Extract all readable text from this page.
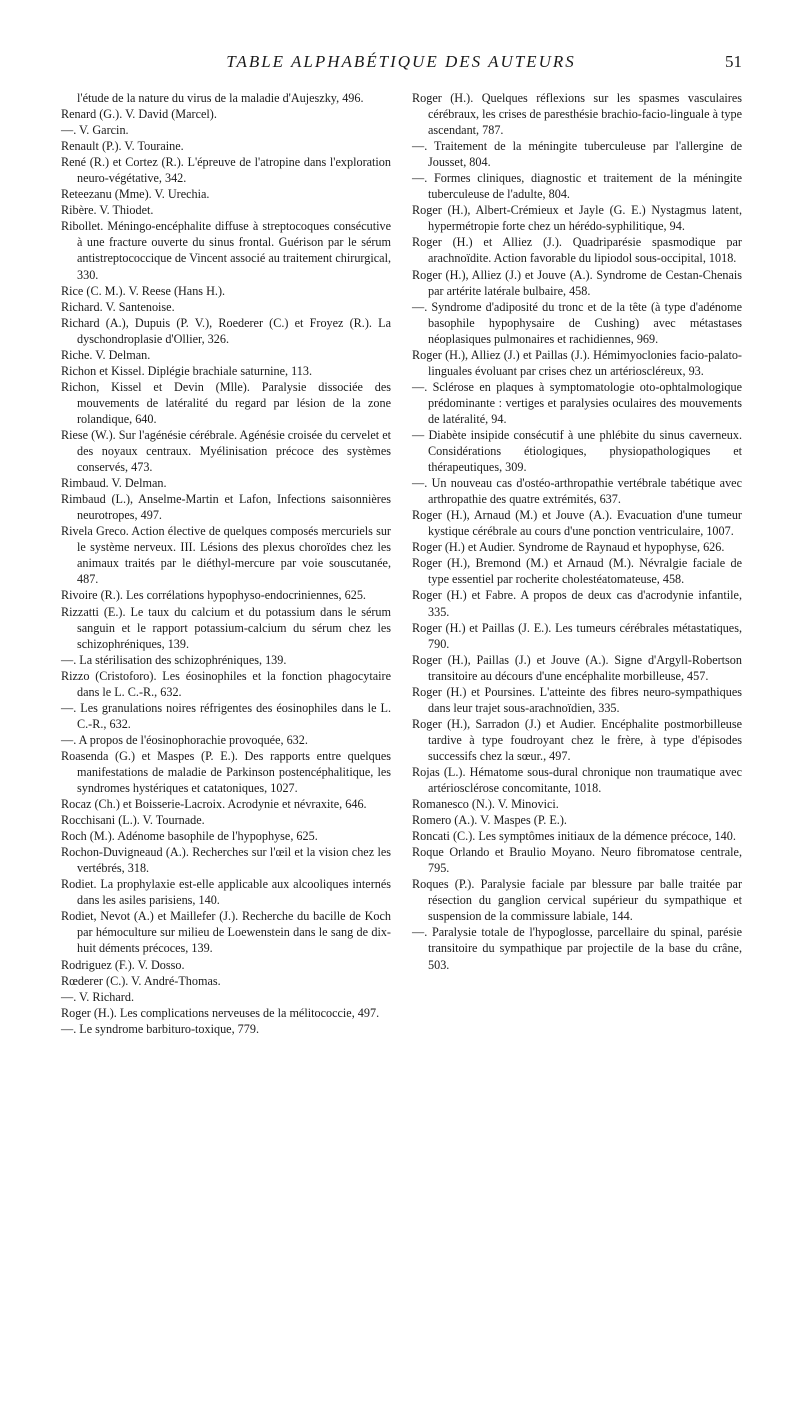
TABLE ALPHABÉTIQUE DES AUTEURS	51

l'étude de la nature du virus de la maladie d'Aujeszky, 496.

Renard (G.). V. David (Marcel).

—. V. Garcin.

Renault (P.). V. Touraine.

René (R.) et Cortez (R.). L'épreuve de l'atropine dans l'exploration neuro-végétative, 342.

Reteezanu (Mme). V. Urechia.

Ribère. V. Thiodet.

Ribollet. Méningo-encéphalite diffuse à streptocoques consécutive à une fracture ouverte du sinus frontal. Guérison par le sérum antistreptococcique de Vincent associé au traitement chirurgical, 330.

Rice (C. M.). V. Reese (Hans H.).

Richard. V. Santenoise.

Richard (A.), Dupuis (P. V.), Roederer (C.) et Froyez (R.). La dyschondroplasie d'Ollier, 326.

Riche. V. Delman.

Richon et Kissel. Diplégie brachiale saturnine, 113.

Richon, Kissel et Devin (Mlle). Paralysie dissociée des mouvements de latéralité du regard par lésion de la zone rolandique, 640.

Riese (W.). Sur l'agénésie cérébrale. Agénésie croisée du cervelet et des noyaux centraux. Myélinisation précoce des systèmes conservés, 473.

Rimbaud. V. Delman.

Rimbaud (L.), Anselme-Martin et Lafon, Infections saisonnières neurotropes, 497.

Rivela Greco. Action élective de quelques composés mercuriels sur le système nerveux. III. Lésions des plexus choroïdes chez les animaux traités par le diéthyl-mercure par voie souscutanée, 487.

Rivoire (R.). Les corrélations hypophyso-endocriniennes, 625.

Rizzatti (E.). Le taux du calcium et du potassium dans le sérum sanguin et le rapport potassium-calcium du sérum chez les schizophréniques, 139.

—. La stérilisation des schizophréniques, 139.

Rizzo (Cristoforo). Les éosinophiles et la fonction phagocytaire dans le L. C.-R., 632.

—. Les granulations noires réfrigentes des éosinophiles dans le L. C.-R., 632.

—. A propos de l'éosinophorachie provoquée, 632.

Roasenda (G.) et Maspes (P. E.). Des rapports entre quelques manifestations de maladie de Parkinson postencéphalitique, les syndromes hystériques et catatoniques, 1027.

Rocaz (Ch.) et Boisserie-Lacroix. Acrodynie et névraxite, 646.

Rocchisani (L.). V. Tournade.

Roch (M.). Adénome basophile de l'hypophyse, 625.

Rochon-Duvigneaud (A.). Recherches sur l'œil et la vision chez les vertébrés, 318.

Rodiet. La prophylaxie est-elle applicable aux alcooliques internés dans les asiles parisiens, 140.

Rodiet, Nevot (A.) et Maillefer (J.). Recherche du bacille de Koch par hémoculture sur milieu de Loewenstein dans le sang de dix-huit déments précoces, 139.

Rodriguez (F.). V. Dosso.

Rœderer (C.). V. André-Thomas.

—. V. Richard.

Roger (H.). Les complications nerveuses de la mélitococcie, 497.

—. Le syndrome barbituro-toxique, 779.

Roger (H.). Quelques réflexions sur les spasmes vasculaires cérébraux, les crises de paresthésie brachio-facio-linguale à type ascendant, 787.

—. Traitement de la méningite tuberculeuse par l'allergine de Jousset, 804.

—. Formes cliniques, diagnostic et traitement de la méningite tuberculeuse de l'adulte, 804.

Roger (H.), Albert-Crémieux et Jayle (G. E.) Nystagmus latent, hypermétropie forte chez un hérédo-syphilitique, 94.

Roger (H.) et Alliez (J.). Quadriparésie spasmodique par arachnoïdite. Action favorable du lipiodol sous-occipital, 1018.

Roger (H.), Alliez (J.) et Jouve (A.). Syndrome de Cestan-Chenais par artérite latérale bulbaire, 458.

—. Syndrome d'adiposité du tronc et de la tête (à type d'adénome basophile hypophysaire de Cushing) avec métastases néoplasiques pulmonaires et rachidiennes, 969.

Roger (H.), Alliez (J.) et Paillas (J.). Hémimyoclonies facio-palato-linguales évoluant par crises chez un artérioscléreux, 93.

—. Sclérose en plaques à symptomatologie oto-ophtalmologique prédominante : vertiges et paralysies oculaires des mouvements de latéralité, 94.

— Diabète insipide consécutif à une phlébite du sinus caverneux. Considérations étiologiques, physiopathologiques et thérapeutiques, 309.

—. Un nouveau cas d'ostéo-arthropathie vertébrale tabétique avec arthropathie des quatre extrémités, 637.

Roger (H.), Arnaud (M.) et Jouve (A.). Evacuation d'une tumeur kystique cérébrale au cours d'une ponction ventriculaire, 1007.

Roger (H.) et Audier. Syndrome de Raynaud et hypophyse, 626.

Roger (H.), Bremond (M.) et Arnaud (M.). Névralgie faciale de type essentiel par rocherite cholestéatomateuse, 458.

Roger (H.) et Fabre. A propos de deux cas d'acrodynie infantile, 335.

Roger (H.) et Paillas (J. E.). Les tumeurs cérébrales métastatiques, 790.

Roger (H.), Paillas (J.) et Jouve (A.). Signe d'Argyll-Robertson transitoire au décours d'une encéphalite morbilleuse, 457.

Roger (H.) et Poursines. L'atteinte des fibres neuro-sympathiques dans leur trajet sous-arachnoïdien, 335.

Roger (H.), Sarradon (J.) et Audier. Encéphalite postmorbilleuse tardive à type foudroyant chez le frère, à type d'épisodes successifs chez la sœur., 497.

Rojas (L.). Hématome sous-dural chronique non traumatique avec artériosclérose concomitante, 1018.

Romanesco (N.). V. Minovici.

Romero (A.). V. Maspes (P. E.).

Roncati (C.). Les symptômes initiaux de la démence précoce, 140.

Roque Orlando et Braulio Moyano. Neuro fibromatose centrale, 795.

Roques (P.). Paralysie faciale par blessure par balle traitée par résection du ganglion cervical supérieur du sympathique et suspension de la commissure labiale, 144.

—. Paralysie totale de l'hypoglosse, parcellaire du spinal, parésie transitoire du sympathique par projectile de la base du crâne, 503.
